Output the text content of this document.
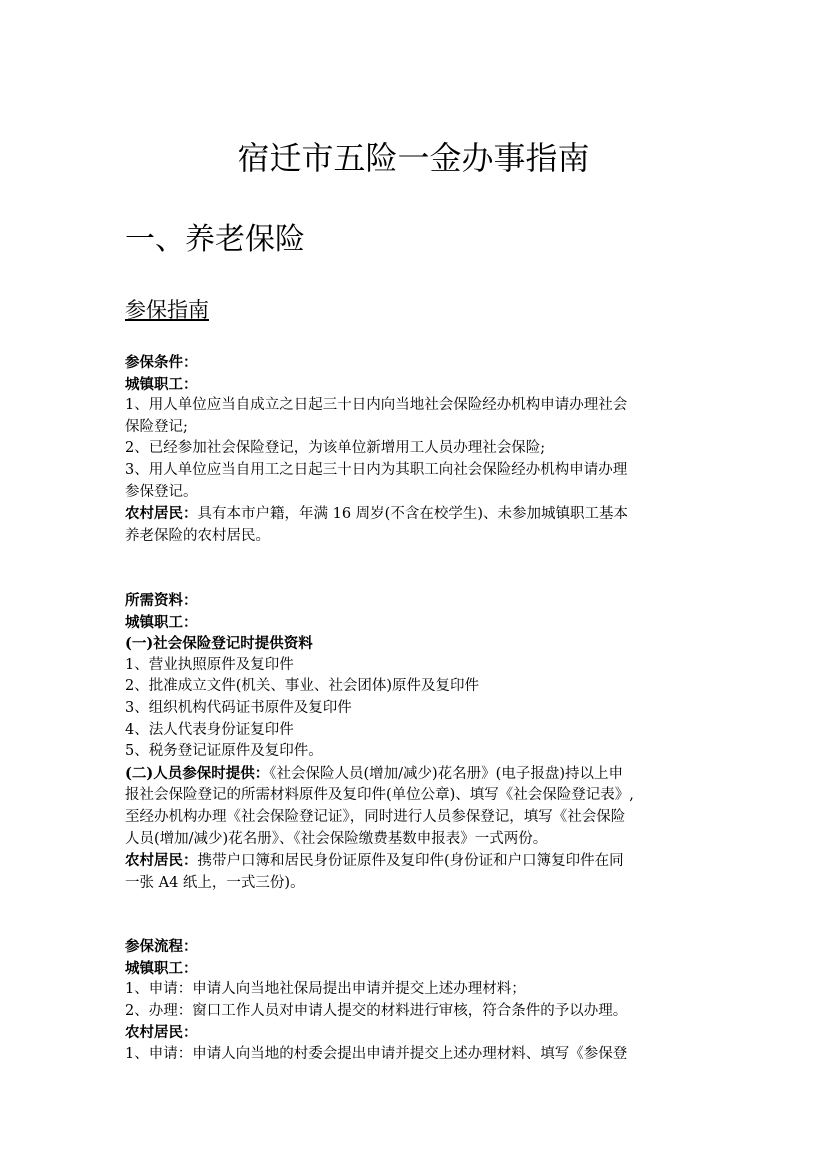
宿迁市五险一金办事指南
一、养老保险
参保指南

参保条件：

城镇职工：

1、用人单位应当自成立之日起三十日内向当地社会保险经办机构申请办理社会

保险登记;

2、已经参加社会保险登记，为该单位新增用工人员办理社会保险;

3、用人单位应当自用工之日起三十日内为其职工向社会保险经办机构申请办理

参保登记。

农村居民：具有本市户籍，年满 16 周岁(不含在校学生)、未参加城镇职工基本

养老保险的农村居民。

所需资料：

城镇职工：

(一)社会保险登记时提供资料

1、营业执照原件及复印件

2、批准成立文件(机关、事业、社会团体)原件及复印件

3、组织机构代码证书原件及复印件

4、法人代表身份证复印件

5、税务登记证原件及复印件。

(二)人员参保时提供：《社会保险人员(增加/减少)花名册》(电子报盘)持以上申

报社会保险登记的所需材料原件及复印件(单位公章)、填写《社会保险登记表》,

至经办机构办理《社会保险登记证》，同时进行人员参保登记，填写《社会保险

人员(增加/减少)花名册》、《社会保险缴费基数申报表》一式两份。

农村居民：携带户口簿和居民身份证原件及复印件(身份证和户口簿复印件在同

一张 A4 纸上，一式三份)。

参保流程：

城镇职工：

1、申请：申请人向当地社保局提出申请并提交上述办理材料；

2、办理：窗口工作人员对申请人提交的材料进行审核，符合条件的予以办理。

农村居民：

1、申请：申请人向当地的村委会提出申请并提交上述办理材料、填写《参保登
